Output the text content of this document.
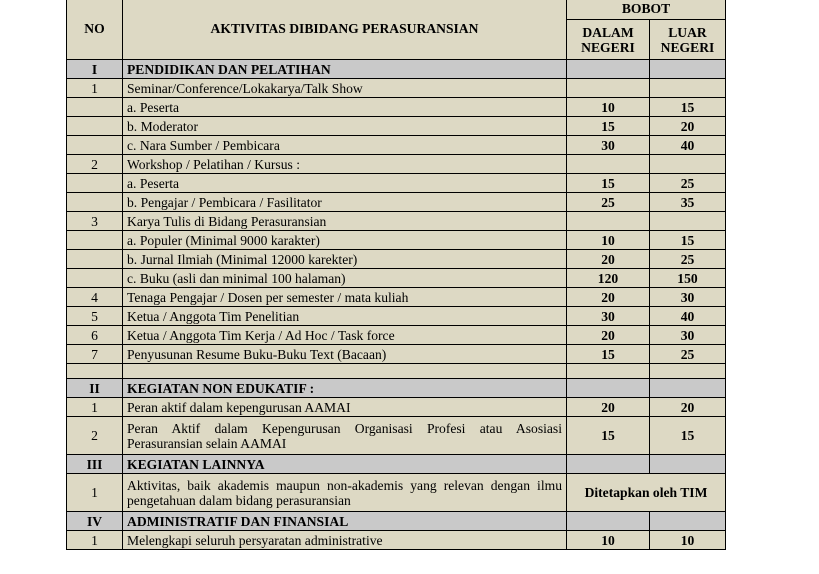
NO	AKTIVITAS DIBIDANG PERASURANSIAN	BOBOT	
		DALAM NEGERI	LUAR NEGERI
I	PENDIDIKAN DAN PELATIHAN		
1	Seminar/Conference/Lokakarya/Talk Show		
	a. Peserta	10	15
	b. Moderator	15	20
	c. Nara Sumber / Pembicara	30	40
2	Workshop / Pelatihan / Kursus :		
	a. Peserta	15	25
	b. Pengajar / Pembicara / Fasilitator	25	35
3	Karya Tulis di Bidang Perasuransian		
	a. Populer (Minimal 9000 karakter)	10	15
	b. Jurnal Ilmiah (Minimal 12000 karekter)	20	25
	c. Buku (asli dan minimal 100 halaman)	120	150
4	Tenaga Pengajar / Dosen per semester / mata kuliah	20	30
5	Ketua / Anggota Tim Penelitian	30	40
6	Ketua / Anggota Tim Kerja / Ad Hoc / Task force	20	30
7	Penyusunan Resume Buku-Buku Text (Bacaan)	15	25

II	KEGIATAN NON EDUKATIF :		
1	Peran aktif dalam kepengurusan AAMAI	20	20
2	Peran Aktif dalam Kepengurusan Organisasi Profesi atau Asosiasi Perasuransian selain AAMAI	15	15
III	KEGIATAN LAINNYA		
1	Aktivitas, baik akademis maupun non-akademis yang relevan dengan ilmu pengetahuan dalam bidang perasuransian	Ditetapkan oleh TIM	
IV	ADMINISTRATIF DAN FINANSIAL		
1	Melengkapi seluruh persyaratan administrative	10	10
